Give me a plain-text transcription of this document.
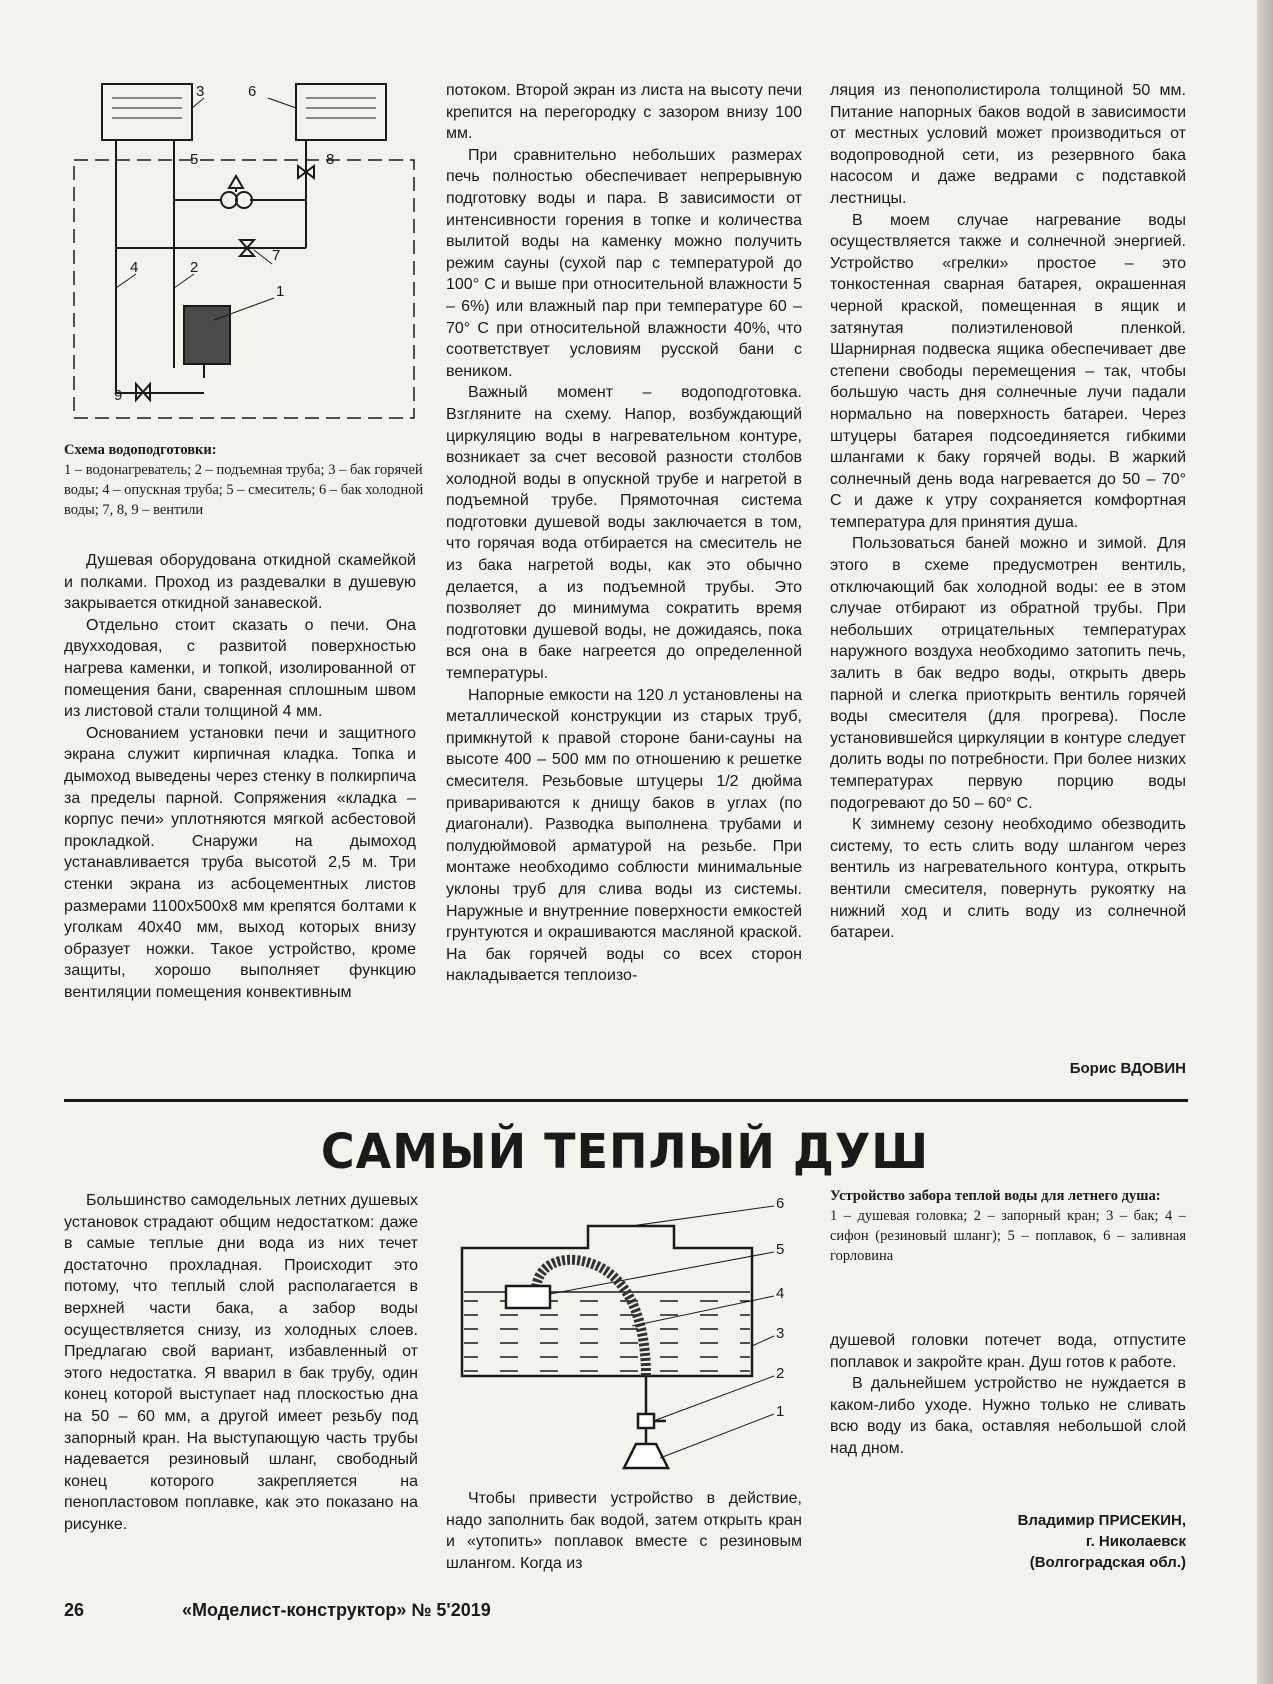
1
2
3
4
5
6
7
8
9
Схема водоподготовки:
1 – водонагреватель; 2 – подъемная труба; 3 – бак горячей воды; 4 – опускная труба; 5 – смеситель; 6 – бак холодной воды; 7, 8, 9 – вентили

Душевая оборудована откидной скамейкой и полками. Проход из раздевалки в душевую закрывается откидной занавеской.

Отдельно стоит сказать о печи. Она двухходовая, с развитой поверхностью нагрева каменки, и топкой, изолированной от помещения бани, сваренная сплошным швом из листовой стали толщиной 4 мм.

Основанием установки печи и защитного экрана служит кирпичная кладка. Топка и дымоход выведены через стенку в полкирпича за пределы парной. Сопряжения «кладка – корпус печи» уплотняются мягкой асбестовой прокладкой. Снаружи на дымоход устанавливается труба высотой 2,5 м. Три стенки экрана из асбоцементных листов размерами 1100х500х8 мм крепятся болтами к уголкам 40х40 мм, выход которых внизу образует ножки. Такое устройство, кроме защиты, хорошо выполняет функцию вентиляции помещения конвективным

потоком. Второй экран из листа на высоту печи крепится на перегородку с зазором внизу 100 мм.

При сравнительно небольших размерах печь полностью обеспечивает непрерывную подготовку воды и пара. В зависимости от интенсивности горения в топке и количества вылитой воды на каменку можно получить режим сауны (сухой пар с температурой до 100° С и выше при относительной влажности 5 – 6%) или влажный пар при температуре 60 – 70° С при относительной влажности 40%, что соответствует условиям русской бани с веником.

Важный момент – водоподготовка. Взгляните на схему. Напор, возбуждающий циркуляцию воды в нагревательном контуре, возникает за счет весовой разности столбов холодной воды в опускной трубе и нагретой в подъемной трубе. Прямоточная система подготовки душевой воды заключается в том, что горячая вода отбирается на смеситель не из бака нагретой воды, как это обычно делается, а из подъемной трубы. Это позволяет до минимума сократить время подготовки душевой воды, не дожидаясь, пока вся она в баке нагреется до определенной температуры.

Напорные емкости на 120 л установлены на металлической конструкции из старых труб, примкнутой к правой стороне бани-сауны на высоте 400 – 500 мм по отношению к решетке смесителя. Резьбовые штуцеры 1/2 дюйма привариваются к днищу баков в углах (по диагонали). Разводка выполнена трубами и полудюймовой арматурой на резьбе. При монтаже необходимо соблюсти минимальные уклоны труб для слива воды из системы. Наружные и внутренние поверхности емкостей грунтуются и окрашиваются масляной краской. На бак горячей воды со всех сторон накладывается теплоизо-

ляция из пенополистирола толщиной 50 мм. Питание напорных баков водой в зависимости от местных условий может производиться от водопроводной сети, из резервного бака насосом и даже ведрами с подставкой лестницы.

В моем случае нагревание воды осуществляется также и солнечной энергией. Устройство «грелки» простое – это тонкостенная сварная батарея, окрашенная черной краской, помещенная в ящик и затянутая полиэтиленовой пленкой. Шарнирная подвеска ящика обеспечивает две степени свободы перемещения – так, чтобы большую часть дня солнечные лучи падали нормально на поверхность батареи. Через штуцеры батарея подсоединяется гибкими шлангами к баку горячей воды. В жаркий солнечный день вода нагревается до 50 – 70° С и даже к утру сохраняется комфортная температура для принятия душа.

Пользоваться баней можно и зимой. Для этого в схеме предусмотрен вентиль, отключающий бак холодной воды: ее в этом случае отбирают из обратной трубы. При небольших отрицательных температурах наружного воздуха необходимо затопить печь, залить в бак ведро воды, открыть дверь парной и слегка приоткрыть вентиль горячей воды смесителя (для прогрева). После установившейся циркуляции в контуре следует долить воды по потребности. При более низких температурах первую порцию воды подогревают до 50 – 60° С.

К зимнему сезону необходимо обезводить систему, то есть слить воду шлангом через вентиль из нагревательного контура, открыть вентили смесителя, повернуть рукоятку на нижний ход и слить воду из солнечной батареи.

Борис ВДОВИН
САМЫЙ ТЕПЛЫЙ ДУШ

Большинство самодельных летних душевых установок страдают общим недостатком: даже в самые теплые дни вода из них течет достаточно прохладная. Происходит это потому, что теплый слой располагается в верхней части бака, а забор воды осуществляется снизу, из холодных слоев. Предлагаю свой вариант, избавленный от этого недостатка. Я вварил в бак трубу, один конец которой выступает над плоскостью дна на 50 – 60 мм, а другой имеет резьбу под запорный кран. На выступающую часть трубы надевается резиновый шланг, свободный конец которого закрепляется на пенопластовом поплавке, как это показано на рисунке.

6
5
4
3
2
1

Чтобы привести устройство в действие, надо заполнить бак водой, затем открыть кран и «утопить» поплавок вместе с резиновым шлангом. Когда из

Устройство забора теплой воды для летнего душа:
1 – душевая головка; 2 – запорный кран; 3 – бак; 4 – сифон (резиновый шланг); 5 – поплавок, 6 – заливная горловина

душевой головки потечет вода, отпустите поплавок и закройте кран. Душ готов к работе.

В дальнейшем устройство не нуждается в каком-либо уходе. Нужно только не сливать всю воду из бака, оставляя небольшой слой над дном.

Владимир ПРИСЕКИН,
г. Николаевск
(Волгоградская обл.)
26	«Моделист-конструктор» № 5'2019
